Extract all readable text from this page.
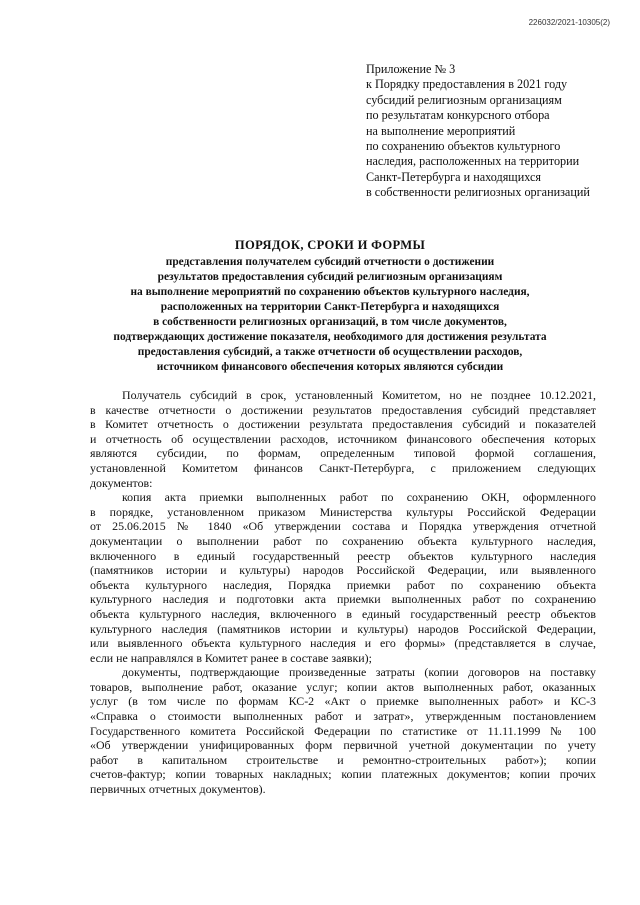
226032/2021-10305(2)
Приложение № 3
к Порядку предоставления в 2021 году
субсидий религиозным организациям
по результатам конкурсного отбора
на выполнение мероприятий
по сохранению объектов культурного
наследия, расположенных на территории
Санкт-Петербурга и находящихся
в собственности религиозных организаций
ПОРЯДОК, СРОКИ И ФОРМЫ
представления получателем субсидий отчетности о достижении
результатов предоставления субсидий религиозным организациям
на выполнение мероприятий по сохранению объектов культурного наследия,
расположенных на территории Санкт-Петербурга и находящихся
в собственности религиозных организаций, в том числе документов,
подтверждающих достижение показателя, необходимого для достижения результата
предоставления субсидий, а также отчетности об осуществлении расходов,
источником финансового обеспечения которых являются субсидии
Получатель субсидий в срок, установленный Комитетом, но не позднее 10.12.2021,
в качестве отчетности о достижении результатов предоставления субсидий представляет
в Комитет отчетность о достижении результата предоставления субсидий и показателей
и отчетность об осуществлении расходов, источником финансового обеспечения которых
являются субсидии, по формам, определенным типовой формой соглашения,
установленной Комитетом финансов Санкт-Петербурга, с приложением следующих
документов:
копия акта приемки выполненных работ по сохранению ОКН, оформленного
в порядке, установленном приказом Министерства культуры Российской Федерации
от 25.06.2015 № 1840 «Об утверждении состава и Порядка утверждения отчетной
документации о выполнении работ по сохранению объекта культурного наследия,
включенного в единый государственный реестр объектов культурного наследия
(памятников истории и культуры) народов Российской Федерации, или выявленного
объекта культурного наследия, Порядка приемки работ по сохранению объекта
культурного наследия и подготовки акта приемки выполненных работ по сохранению
объекта культурного наследия, включенного в единый государственный реестр объектов
культурного наследия (памятников истории и культуры) народов Российской Федерации,
или выявленного объекта культурного наследия и его формы» (представляется в случае,
если не направлялся в Комитет ранее в составе заявки);
документы, подтверждающие произведенные затраты (копии договоров на поставку
товаров, выполнение работ, оказание услуг; копии актов выполненных работ, оказанных
услуг (в том числе по формам КС-2 «Акт о приемке выполненных работ» и КС-3
«Справка о стоимости выполненных работ и затрат», утвержденным постановлением
Государственного комитета Российской Федерации по статистике от 11.11.1999 № 100
«Об утверждении унифицированных форм первичной учетной документации по учету
работ в капитальном строительстве и ремонтно-строительных работ»); копии
счетов-фактур; копии товарных накладных; копии платежных документов; копии прочих
первичных отчетных документов).
